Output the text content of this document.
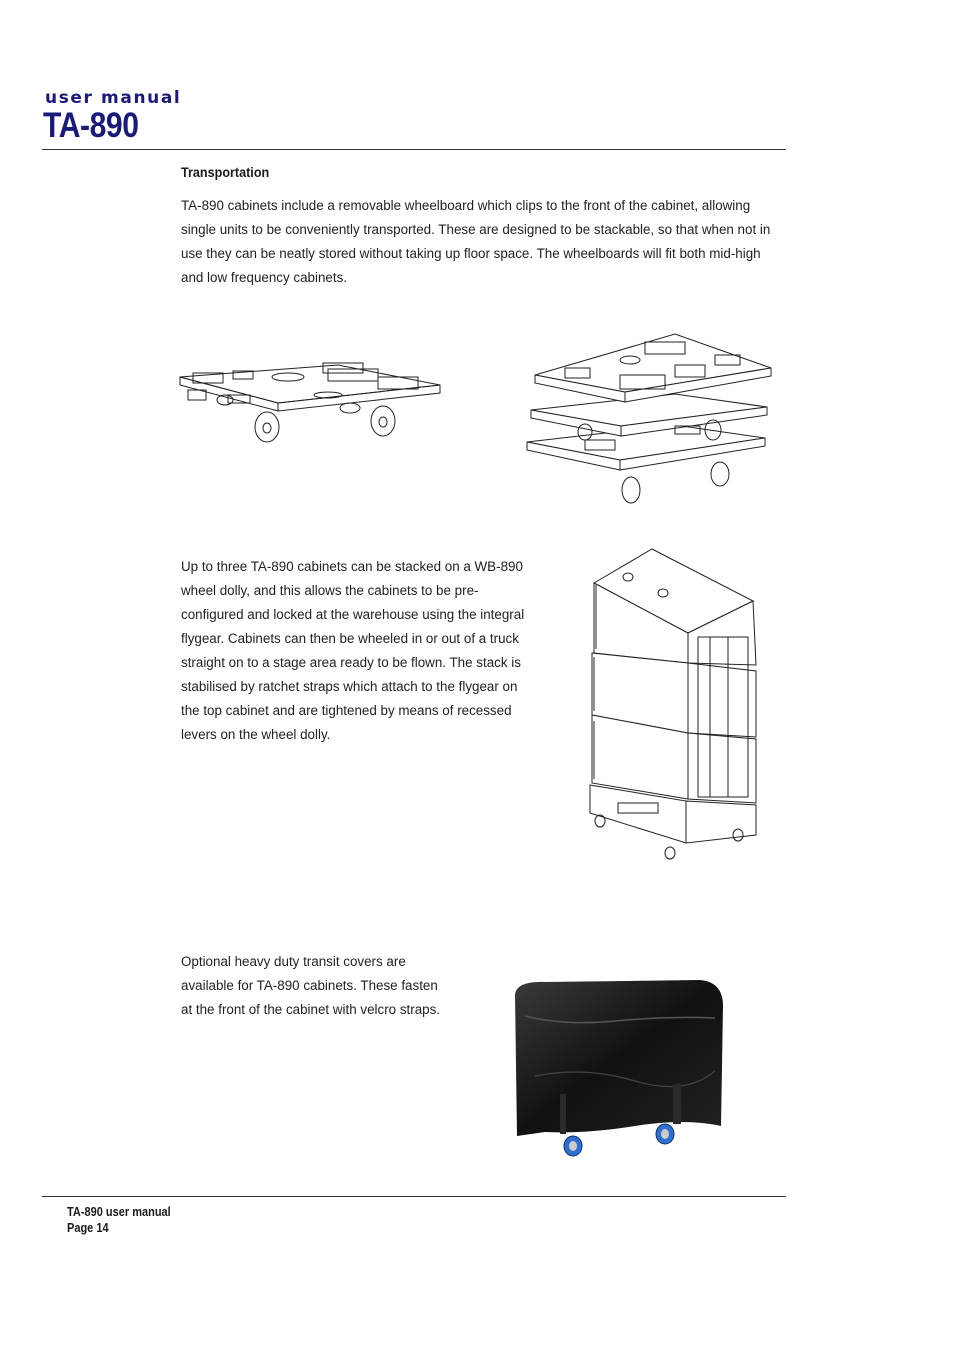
user manual
TA-890
Transportation
TA-890 cabinets include a removable wheelboard which clips to the front of the cabinet, allowing single units to be conveniently transported. These are designed to be stackable, so that when not in use they can be neatly stored without taking up floor space. The wheelboards will fit both mid-high and low frequency cabinets.
Up to three TA-890 cabinets can be stacked on a WB-890 wheel dolly, and this allows the cabinets to be pre-configured and locked at the warehouse using the integral flygear. Cabinets can then be wheeled in or out of a truck straight on to a stage area ready to be flown. The stack is stabilised by ratchet straps which attach to the flygear on the top cabinet and are tightened by means of recessed levers on the wheel dolly.
Optional heavy duty transit covers are available for TA-890 cabinets. These fasten at the front of the cabinet with velcro straps.
TA-890 user manual
Page 14
